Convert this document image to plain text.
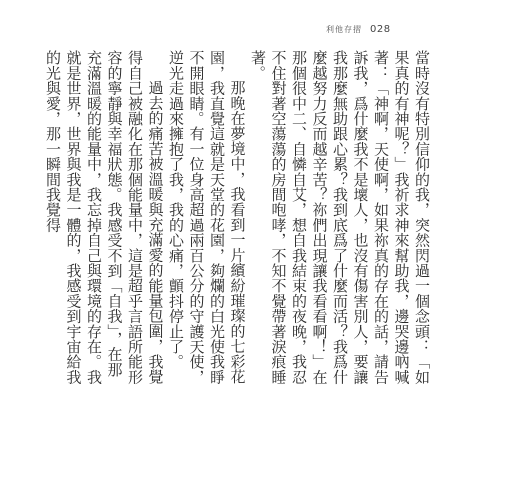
利他存摺 028

當時沒有特別信仰的我，突然閃過一個念頭：「如果真的有神呢？」我祈求神來幫助我，邊哭邊吶喊著：「神啊，天使啊，如果祢真的存在的話，請告訴我，爲什麼我不是壞人，也沒有傷害別人，要讓我那麼無助跟心累？我到底爲了什麼而活？我爲什麼越努力反而越辛苦？祢們出現讓我看看啊！」在那個很中二、自憐自艾，想自我結束的夜晚，我忍不住對著空蕩蕩的房間咆哮，不知不覺帶著淚痕睡著。

那晚在夢境中，我看到一片繽紛璀璨的七彩花園，我直覺這就是天堂的花園，夠爛的白光使我睜不開眼睛。有一位身高超過兩百公分的守護天使，逆光走過來擁抱了我，我的心痛，顫抖停止了。

過去的痛苦被溫暖與充滿愛的能量包圍，我覺得自己被融化在那個能量中，這是超乎言語所能形容的寧靜與幸福狀態。我感受不到「自我」，在那充滿溫暖的能量中，我忘掉自己與環境的存在。我就是世界，世界與我是一體的，我感受到宇宙給我的光與愛，那一瞬間我覺得
